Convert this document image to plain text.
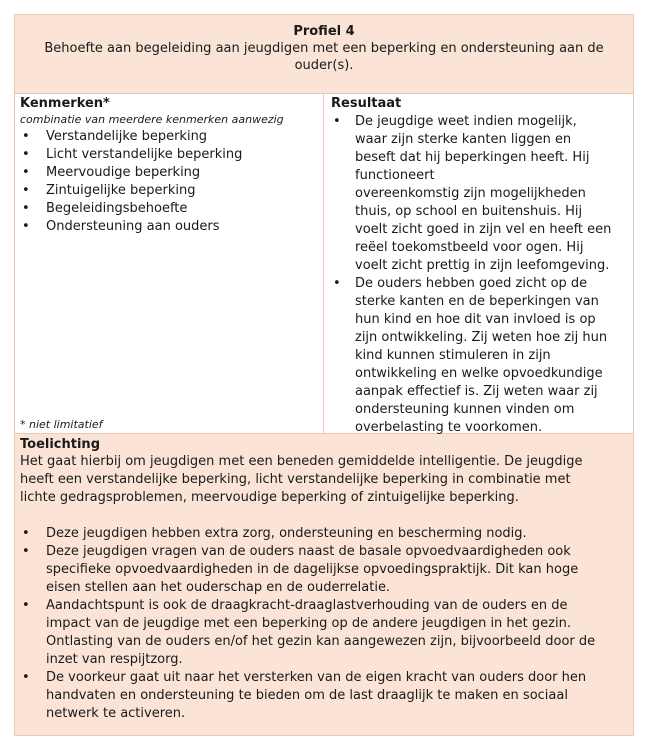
Profiel 4
Behoefte aan begeleiding aan jeugdigen met een beperking en ondersteuning aan de
ouder(s).
Kenmerken*
combinatie van meerdere kenmerken aanwezig
• Verstandelijke beperking
• Licht verstandelijke beperking
• Meervoudige beperking
• Zintuigelijke beperking
• Begeleidingsbehoefte
• Ondersteuning aan ouders
* niet limitatief
Resultaat
• De jeugdige weet indien mogelijk,
waar zijn sterke kanten liggen en
beseft dat hij beperkingen heeft. Hij
functioneert
overeenkomstig zijn mogelijkheden
thuis, op school en buitenshuis. Hij
voelt zicht goed in zijn vel en heeft een
reëel toekomstbeeld voor ogen. Hij
voelt zicht prettig in zijn leefomgeving.
• De ouders hebben goed zicht op de
sterke kanten en de beperkingen van
hun kind en hoe dit van invloed is op
zijn ontwikkeling. Zij weten hoe zij hun
kind kunnen stimuleren in zijn
ontwikkeling en welke opvoedkundige
aanpak effectief is. Zij weten waar zij
ondersteuning kunnen vinden om
overbelasting te voorkomen.
Toelichting
Het gaat hierbij om jeugdigen met een beneden gemiddelde intelligentie. De jeugdige
heeft een verstandelijke beperking, licht verstandelijke beperking in combinatie met
lichte gedragsproblemen, meervoudige beperking of zintuigelijke beperking.
• Deze jeugdigen hebben extra zorg, ondersteuning en bescherming nodig.
• Deze jeugdigen vragen van de ouders naast de basale opvoedvaardigheden ook
specifieke opvoedvaardigheden in de dagelijkse opvoedingspraktijk. Dit kan hoge
eisen stellen aan het ouderschap en de ouderrelatie.
• Aandachtspunt is ook de draagkracht-draaglastverhouding van de ouders en de
impact van de jeugdige met een beperking op de andere jeugdigen in het gezin.
Ontlasting van de ouders en/of het gezin kan aangewezen zijn, bijvoorbeeld door de
inzet van respijtzorg.
• De voorkeur gaat uit naar het versterken van de eigen kracht van ouders door hen
handvaten en ondersteuning te bieden om de last draaglijk te maken en sociaal
netwerk te activeren.
